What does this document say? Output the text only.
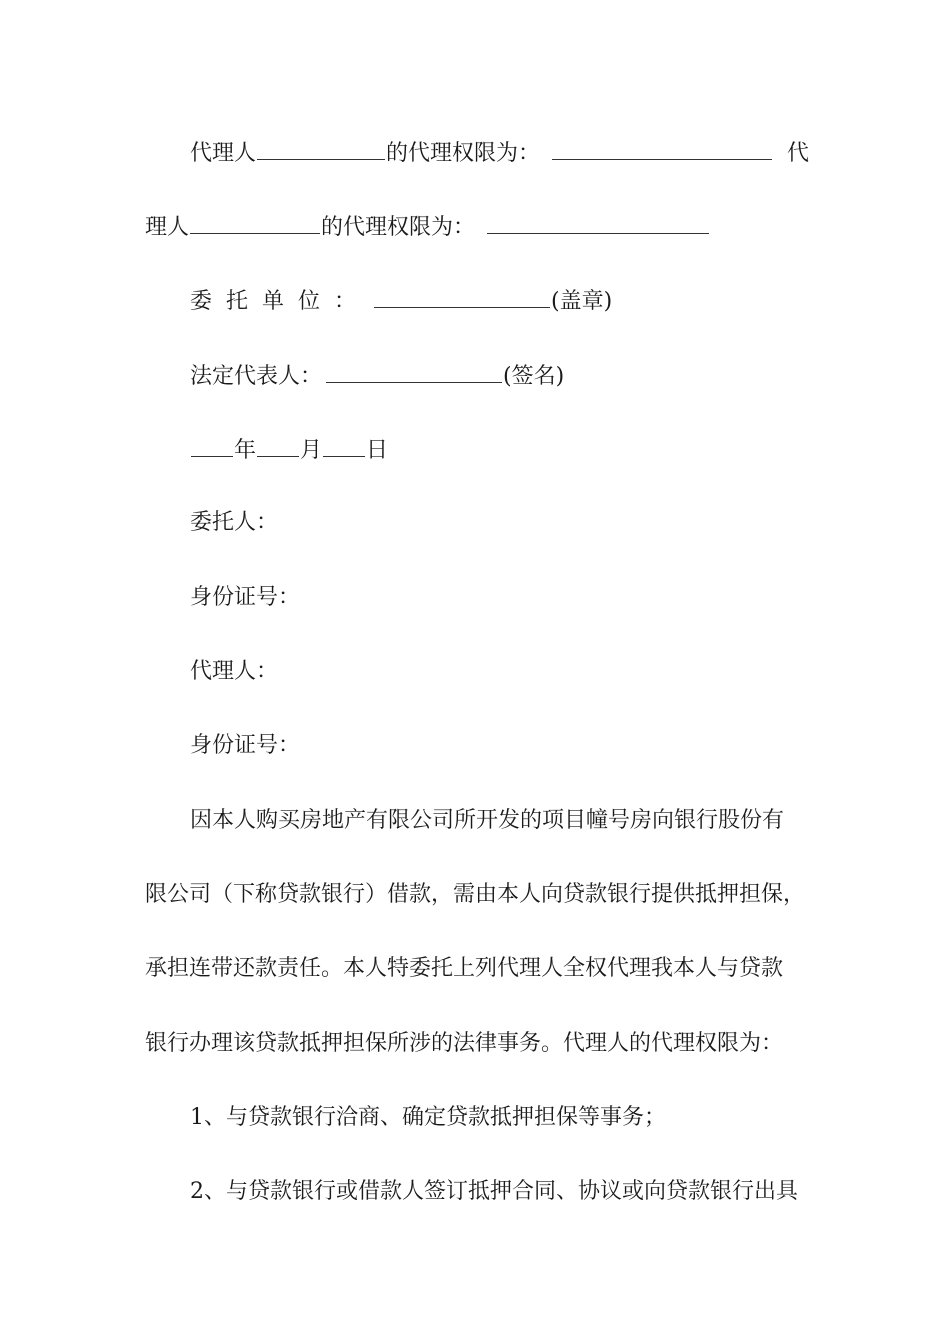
代理人	的代理权限为：	代
理人	的代理权限为：
委托单位：	(盖章)
法定代表人：	(签名)
年 月 日
委托人：
身份证号：
代理人：
身份证号：
因本人购买房地产有限公司所开发的项目幢号房向银行股份有
限公司（下称贷款银行）借款，需由本人向贷款银行提供抵押担保，
承担连带还款责任。本人特委托上列代理人全权代理我本人与贷款
银行办理该贷款抵押担保所涉的法律事务。代理人的代理权限为：
1、与贷款银行洽商、确定贷款抵押担保等事务；
2、与贷款银行或借款人签订抵押合同、协议或向贷款银行出具
